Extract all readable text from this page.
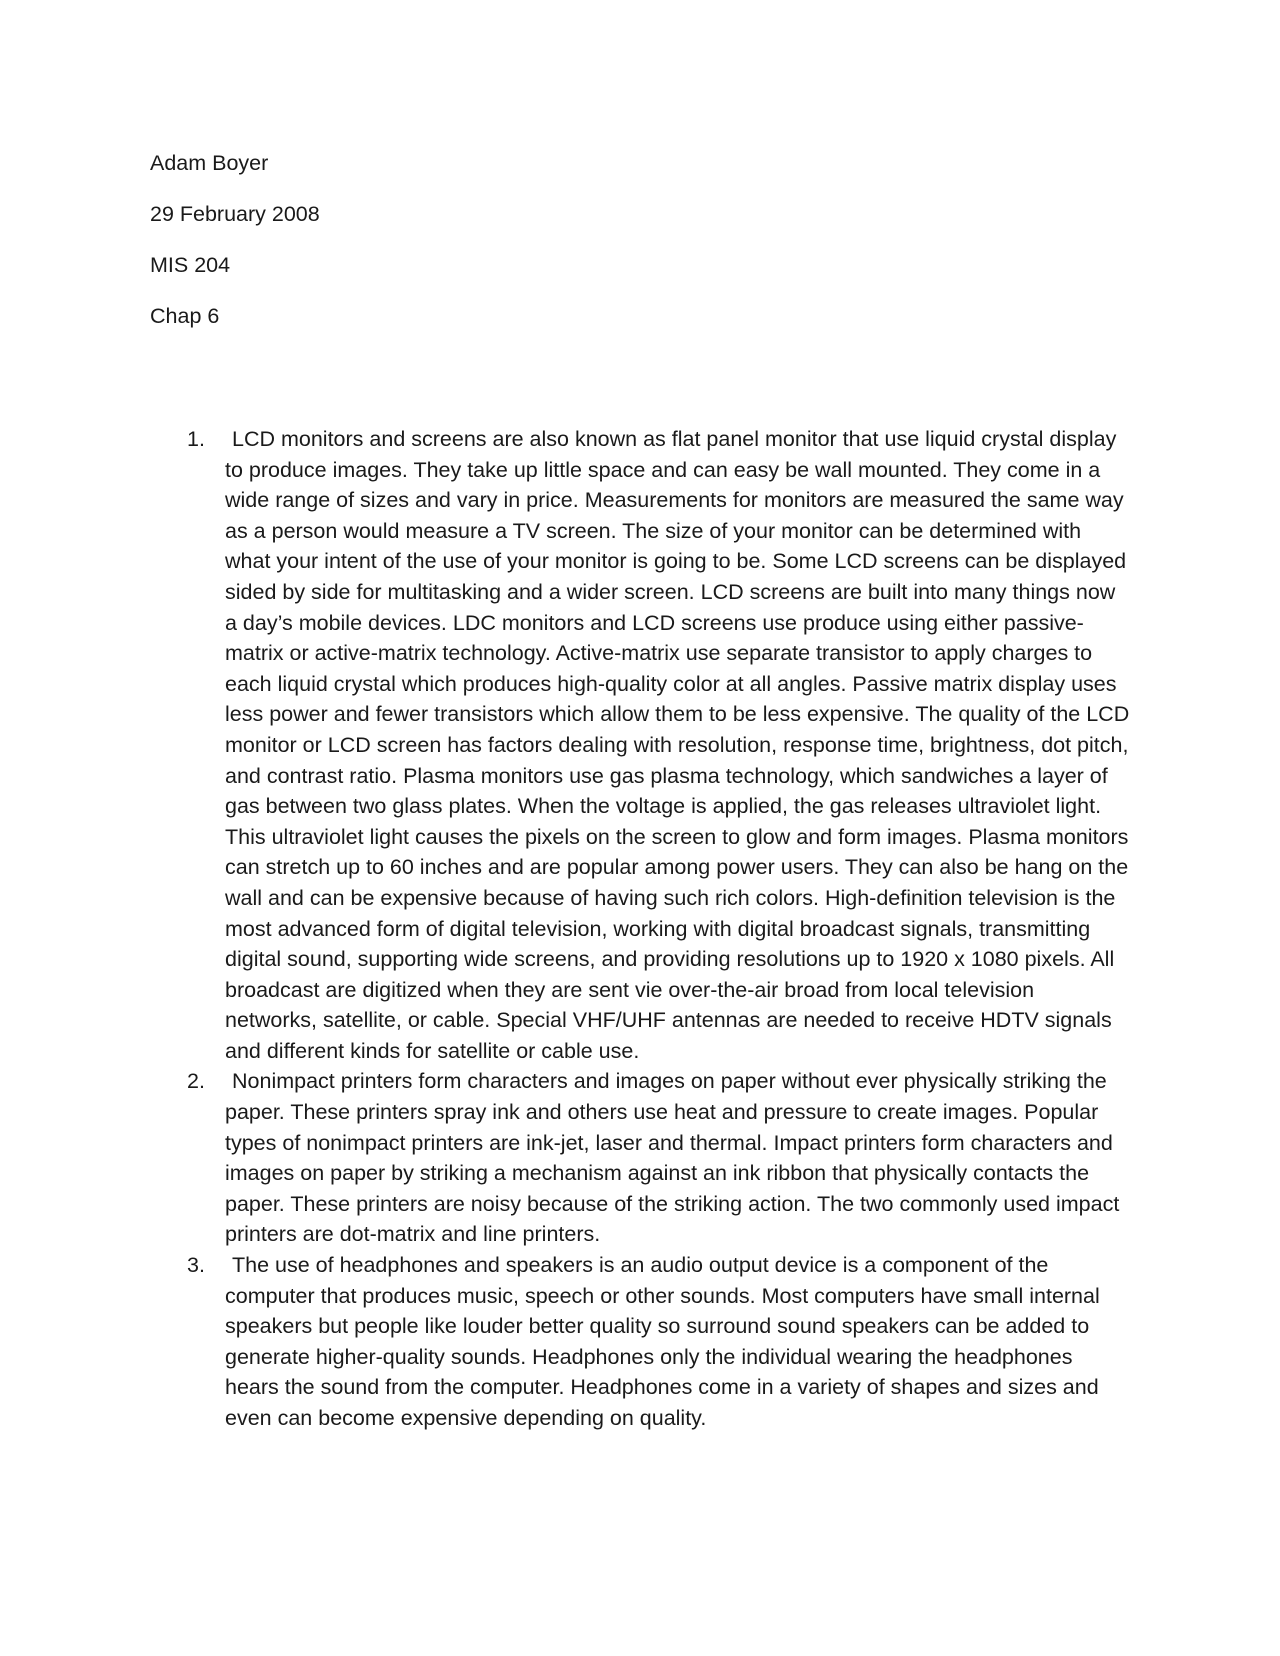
Adam Boyer

29 February 2008

MIS 204

Chap 6

1.	LCD monitors and screens are also known as flat panel monitor that use liquid crystal display to produce images. They take up little space and can easy be wall mounted. They come in a wide range of sizes and vary in price. Measurements for monitors are measured the same way as a person would measure a TV screen. The size of your monitor can be determined with what your intent of the use of your monitor is going to be. Some LCD screens can be displayed sided by side for multitasking and a wider screen. LCD screens are built into many things now a day’s mobile devices. LDC monitors and LCD screens use produce using either passive-matrix or active-matrix technology. Active-matrix use separate transistor to apply charges to each liquid crystal which produces high-quality color at all angles. Passive matrix display uses less power and fewer transistors which allow them to be less expensive. The quality of the LCD monitor or LCD screen has factors dealing with resolution, response time, brightness, dot pitch, and contrast ratio. Plasma monitors use gas plasma technology, which sandwiches a layer of gas between two glass plates. When the voltage is applied, the gas releases ultraviolet light. This ultraviolet light causes the pixels on the screen to glow and form images. Plasma monitors can stretch up to 60 inches and are popular among power users. They can also be hang on the wall and can be expensive because of having such rich colors. High-definition television is the most advanced form of digital television, working with digital broadcast signals, transmitting digital sound, supporting wide screens, and providing resolutions up to 1920 x 1080 pixels. All broadcast are digitized when they are sent vie over-the-air broad from local television networks, satellite, or cable. Special VHF/UHF antennas are needed to receive HDTV signals and different kinds for satellite or cable use.
2.	Nonimpact printers form characters and images on paper without ever physically striking the paper. These printers spray ink and others use heat and pressure to create images. Popular types of nonimpact printers are ink-jet, laser and thermal. Impact printers form characters and images on paper by striking a mechanism against an ink ribbon that physically contacts the paper. These printers are noisy because of the striking action. The two commonly used impact printers are dot-matrix and line printers.
3.	The use of headphones and speakers is an audio output device is a component of the computer that produces music, speech or other sounds. Most computers have small internal speakers but people like louder better quality so surround sound speakers can be added to generate higher-quality sounds. Headphones only the individual wearing the headphones hears the sound from the computer. Headphones come in a variety of shapes and sizes and even can become expensive depending on quality.
